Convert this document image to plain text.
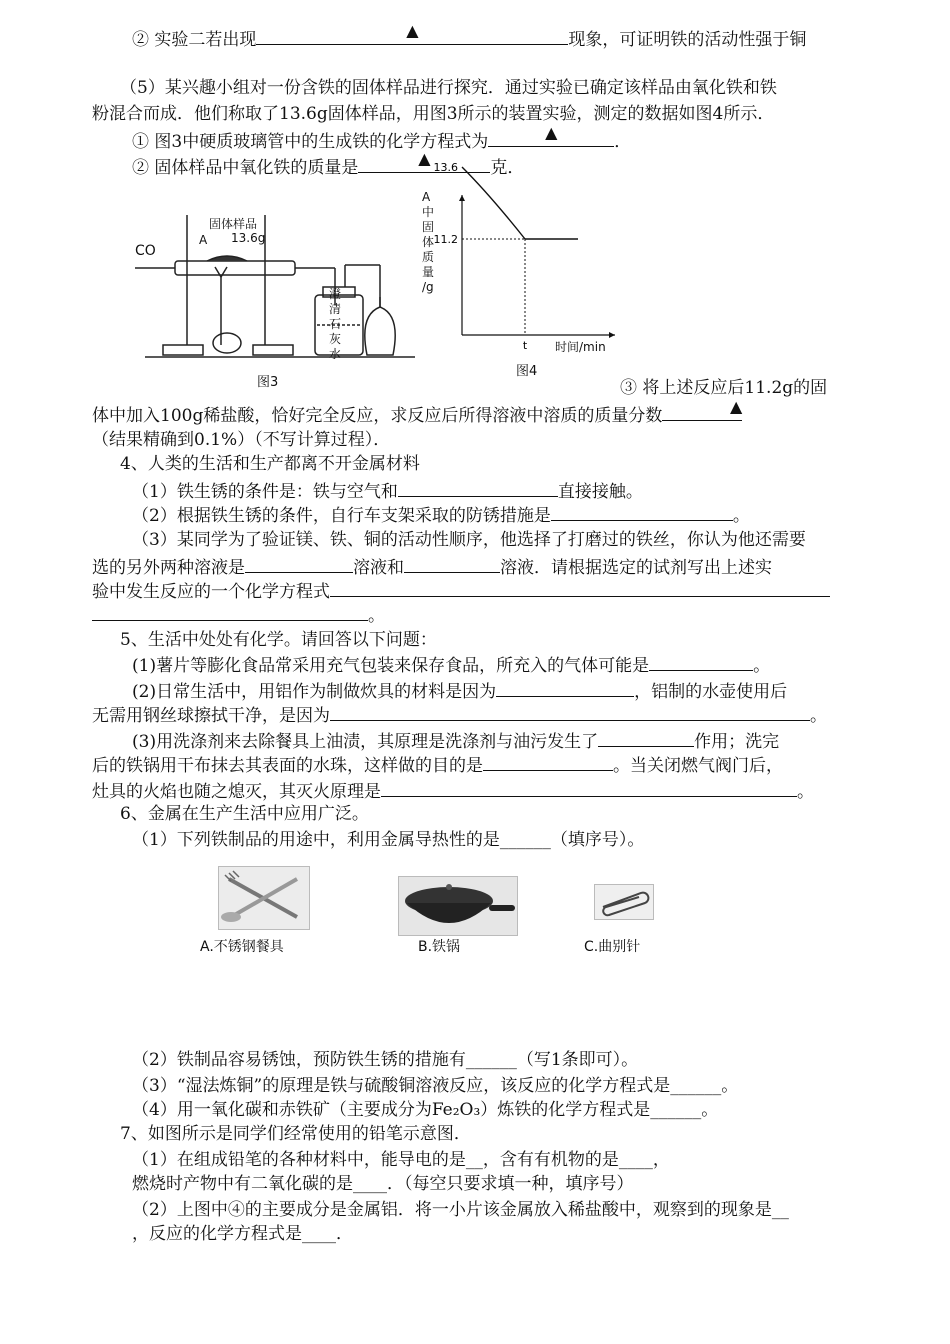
② 实验二若出现	▲	现象，可证明铁的活动性强于铜
（5）某兴趣小组对一份含铁的固体样品进行探究．通过实验已确定该样品由氧化铁和铁
粉混合而成．他们称取了13.6g固体样品，用图3所示的装置实验，测定的数据如图4所示．
① 图3中硬质玻璃管中的生成铁的化学方程式为	▲	．
② 固体样品中氧化铁的质量是	▲	克．
CO
A
固体样品
13.6g
澄
清
石
灰
水
图3
A
中
固
体
质
量
/g
13.6
11.2
t 时间/min
图4
③ 将上述反应后11.2g的固
体中加入100g稀盐酸，恰好完全反应，求反应后所得溶液中溶质的质量分数	▲
（结果精确到0.1%）（不写计算过程）．
4、人类的生活和生产都离不开金属材料
（1）铁生锈的条件是：铁与空气和	直接接触。
（2）根据铁生锈的条件，自行车支架采取的防锈措施是	。
（3）某同学为了验证镁、铁、铜的活动性顺序，他选择了打磨过的铁丝，你认为他还需要
选的另外两种溶液是	溶液和	溶液．请根据选定的试剂写出上述实
验中发生反应的一个化学方程式
。
5、生活中处处有化学。请回答以下问题：
(1)薯片等膨化食品常采用充气包装来保存食品，所充入的气体可能是	。
(2)日常生活中，用铝作为制做炊具的材料是因为	，铝制的水壶使用后
无需用钢丝球擦拭干净，是因为	。
(3)用洗涤剂来去除餐具上油渍，其原理是洗涤剂与油污发生了	作用；洗完
后的铁锅用干布抹去其表面的水珠，这样做的目的是	。当关闭燃气阀门后，
灶具的火焰也随之熄灭，其灭火原理是	。
6、金属在生产生活中应用广泛。
（1）下列铁制品的用途中，利用金属导热性的是______（填序号）。
A.不锈钢餐具	B.铁锅	C.曲别针
（2）铁制品容易锈蚀，预防铁生锈的措施有______（写1条即可）。
（3）“湿法炼铜”的原理是铁与硫酸铜溶液反应，该反应的化学方程式是______。
（4）用一氧化碳和赤铁矿（主要成分为Fe₂O₃）炼铁的化学方程式是______。
7、如图所示是同学们经常使用的铅笔示意图．
（1）在组成铅笔的各种材料中，能导电的是__，含有有机物的是____，
燃烧时产物中有二氧化碳的是____．（每空只要求填一种，填序号）
（2）上图中④的主要成分是金属铝．将一小片该金属放入稀盐酸中，观察到的现象是__
，反应的化学方程式是____．
